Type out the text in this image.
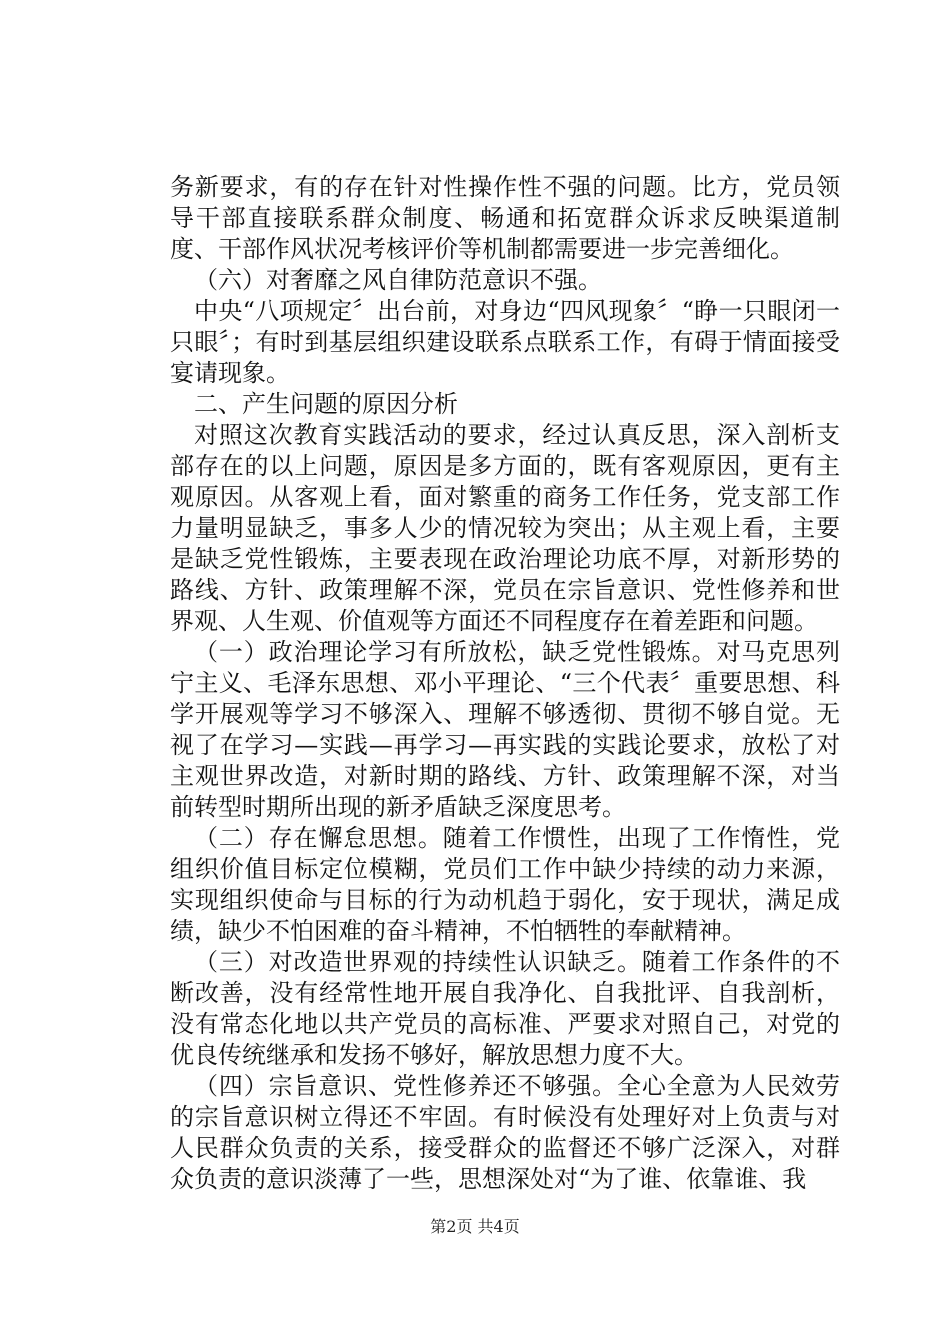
务新要求，有的存在针对性操作性不强的问题。比方，党员领导干部直接联系群众制度、畅通和拓宽群众诉求反映渠道制度、干部作风状况考核评价等机制都需要进一步完善细化。

（六）对奢靡之风自律防范意识不强。

中央“八项规定〞出台前，对身边“四风现象〞“睁一只眼闭一只眼〞；有时到基层组织建设联系点联系工作，有碍于情面接受宴请现象。

二、产生问题的原因分析

对照这次教育实践活动的要求，经过认真反思，深入剖析支部存在的以上问题，原因是多方面的，既有客观原因，更有主观原因。从客观上看，面对繁重的商务工作任务，党支部工作力量明显缺乏，事多人少的情况较为突出；从主观上看，主要是缺乏党性锻炼，主要表现在政治理论功底不厚，对新形势的路线、方针、政策理解不深，党员在宗旨意识、党性修养和世界观、人生观、价值观等方面还不同程度存在着差距和问题。

（一）政治理论学习有所放松，缺乏党性锻炼。对马克思列宁主义、毛泽东思想、邓小平理论、“三个代表〞重要思想、科学开展观等学习不够深入、理解不够透彻、贯彻不够自觉。无视了在学习—实践—再学习—再实践的实践论要求，放松了对主观世界改造，对新时期的路线、方针、政策理解不深，对当前转型时期所出现的新矛盾缺乏深度思考。

（二）存在懈怠思想。随着工作惯性，出现了工作惰性，党组织价值目标定位模糊，党员们工作中缺少持续的动力来源，实现组织使命与目标的行为动机趋于弱化，安于现状，满足成绩，缺少不怕困难的奋斗精神，不怕牺牲的奉献精神。

（三）对改造世界观的持续性认识缺乏。随着工作条件的不断改善，没有经常性地开展自我净化、自我批评、自我剖析，没有常态化地以共产党员的高标准、严要求对照自己，对党的优良传统继承和发扬不够好，解放思想力度不大。

（四）宗旨意识、党性修养还不够强。全心全意为人民效劳的宗旨意识树立得还不牢固。有时候没有处理好对上负责与对人民群众负责的关系，接受群众的监督还不够广泛深入，对群众负责的意识淡薄了一些，思想深处对“为了谁、依靠谁、我

第2页 共4页
